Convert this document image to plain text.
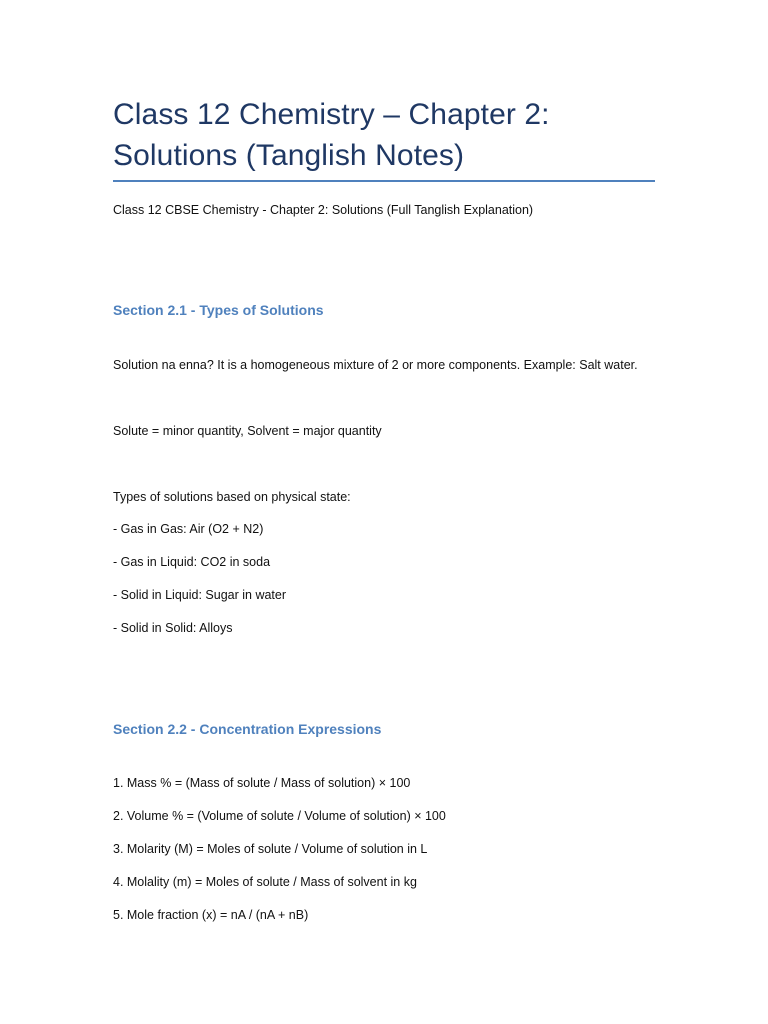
Class 12 Chemistry – Chapter 2: Solutions (Tanglish Notes)

Class 12 CBSE Chemistry - Chapter 2: Solutions (Full Tanglish Explanation)

Section 2.1 - Types of Solutions

Solution na enna? It is a homogeneous mixture of 2 or more components. Example: Salt water.

Solute = minor quantity, Solvent = major quantity

Types of solutions based on physical state:

- Gas in Gas: Air (O2 + N2)

- Gas in Liquid: CO2 in soda

- Solid in Liquid: Sugar in water

- Solid in Solid: Alloys

Section 2.2 - Concentration Expressions

1. Mass % = (Mass of solute / Mass of solution) × 100

2. Volume % = (Volume of solute / Volume of solution) × 100

3. Molarity (M) = Moles of solute / Volume of solution in L

4. Molality (m) = Moles of solute / Mass of solvent in kg

5. Mole fraction (x) = nA / (nA + nB)
